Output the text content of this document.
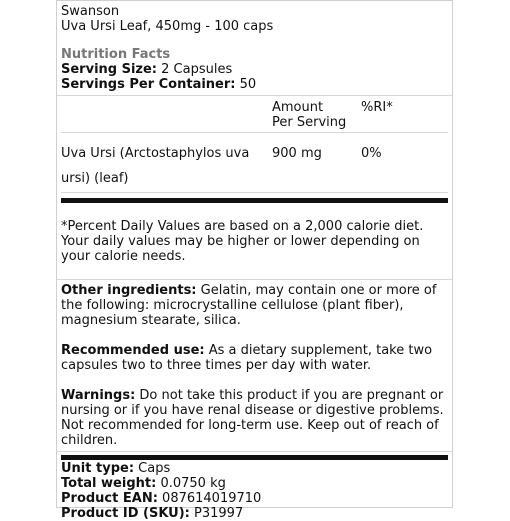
Swanson
Uva Ursi Leaf, 450mg - 100 caps
Nutrition Facts
Serving Size: 2 Capsules
Servings Per Container: 50
Amount
Per Serving
%RI*
Uva Ursi (Arctostaphylos uva ursi) (leaf)
900 mg	0%
*Percent Daily Values are based on a 2,000 calorie diet. Your daily values may be higher or lower depending on your calorie needs.
Other ingredients: Gelatin, may contain one or more of the following: microcrystalline cellulose (plant fiber), magnesium stearate, silica.
Recommended use: As a dietary supplement, take two capsules two to three times per day with water.
Warnings: Do not take this product if you are pregnant or nursing or if you have renal disease or digestive problems. Not recommended for long-term use. Keep out of reach of children.
Unit type: Caps
Total weight: 0.0750 kg
Product EAN: 087614019710
Product ID (SKU): P31997
